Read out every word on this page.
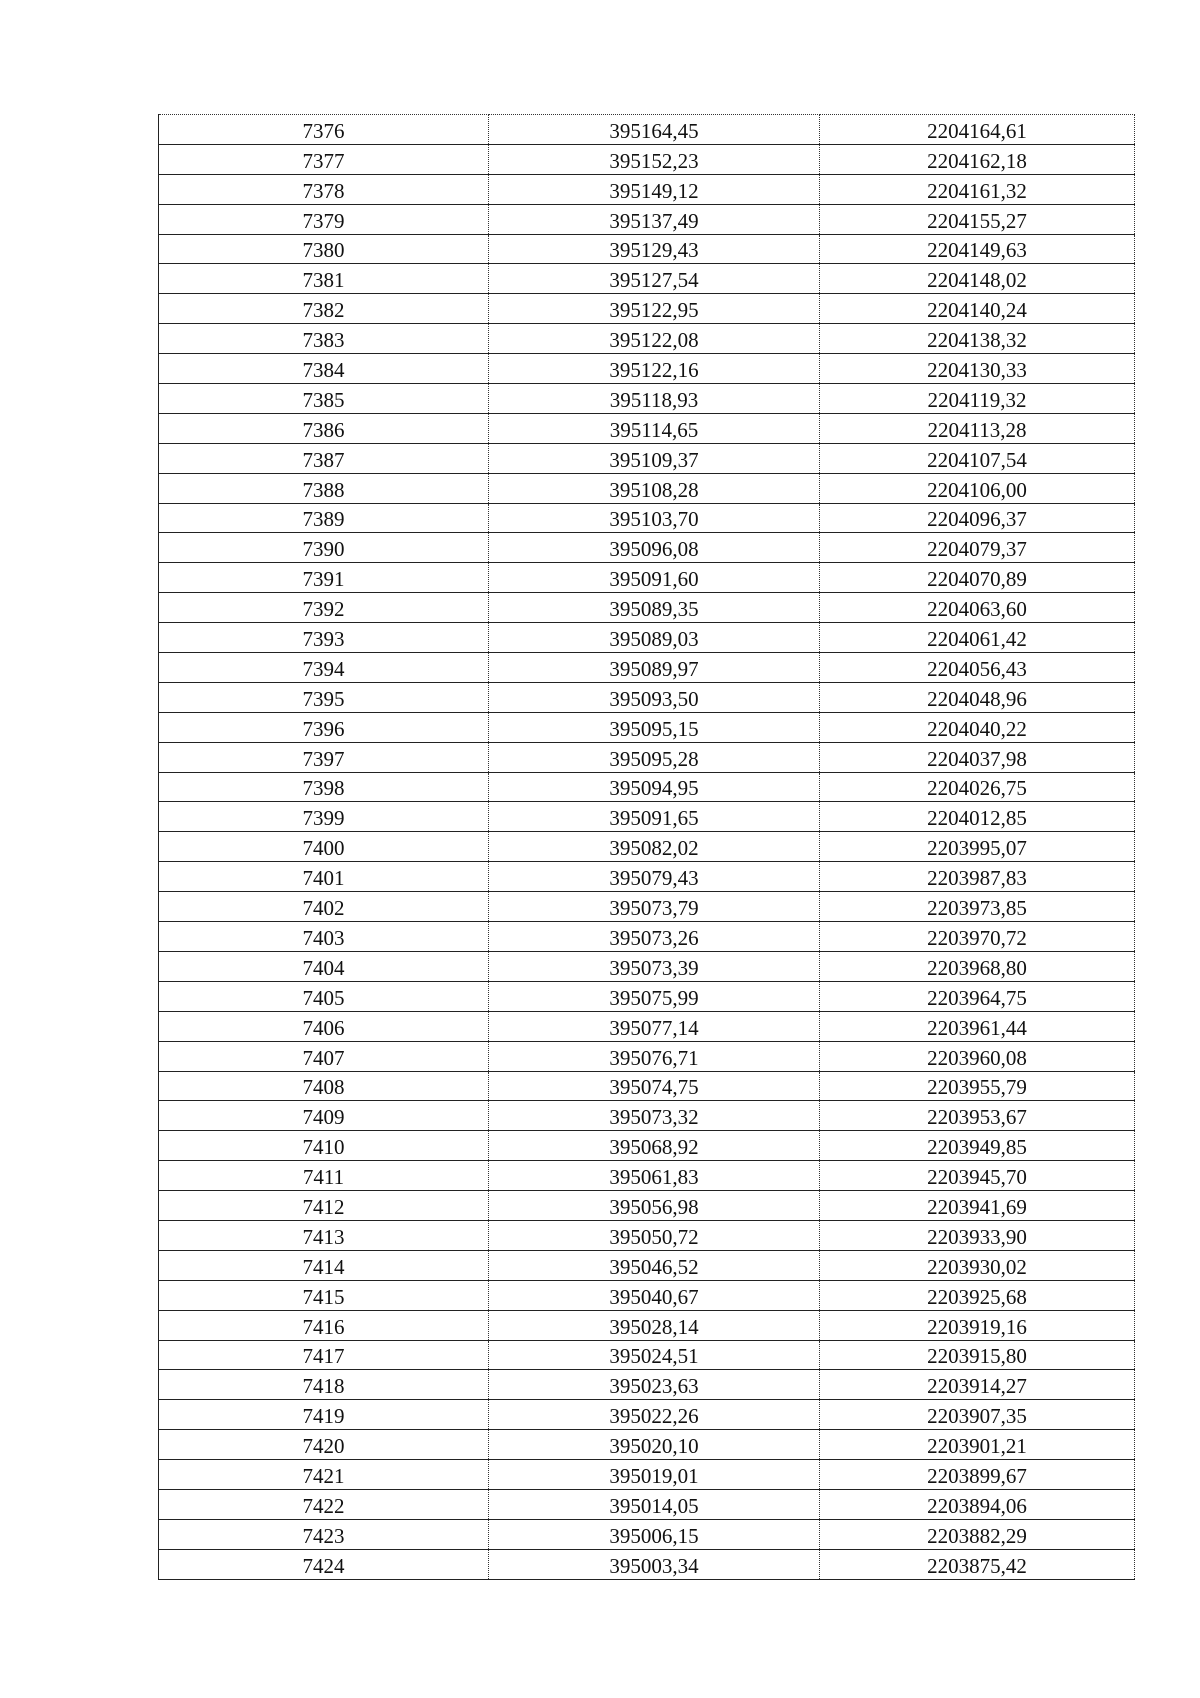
7376	395164,45	2204164,61
7377	395152,23	2204162,18
7378	395149,12	2204161,32
7379	395137,49	2204155,27
7380	395129,43	2204149,63
7381	395127,54	2204148,02
7382	395122,95	2204140,24
7383	395122,08	2204138,32
7384	395122,16	2204130,33
7385	395118,93	2204119,32
7386	395114,65	2204113,28
7387	395109,37	2204107,54
7388	395108,28	2204106,00
7389	395103,70	2204096,37
7390	395096,08	2204079,37
7391	395091,60	2204070,89
7392	395089,35	2204063,60
7393	395089,03	2204061,42
7394	395089,97	2204056,43
7395	395093,50	2204048,96
7396	395095,15	2204040,22
7397	395095,28	2204037,98
7398	395094,95	2204026,75
7399	395091,65	2204012,85
7400	395082,02	2203995,07
7401	395079,43	2203987,83
7402	395073,79	2203973,85
7403	395073,26	2203970,72
7404	395073,39	2203968,80
7405	395075,99	2203964,75
7406	395077,14	2203961,44
7407	395076,71	2203960,08
7408	395074,75	2203955,79
7409	395073,32	2203953,67
7410	395068,92	2203949,85
7411	395061,83	2203945,70
7412	395056,98	2203941,69
7413	395050,72	2203933,90
7414	395046,52	2203930,02
7415	395040,67	2203925,68
7416	395028,14	2203919,16
7417	395024,51	2203915,80
7418	395023,63	2203914,27
7419	395022,26	2203907,35
7420	395020,10	2203901,21
7421	395019,01	2203899,67
7422	395014,05	2203894,06
7423	395006,15	2203882,29
7424	395003,34	2203875,42
